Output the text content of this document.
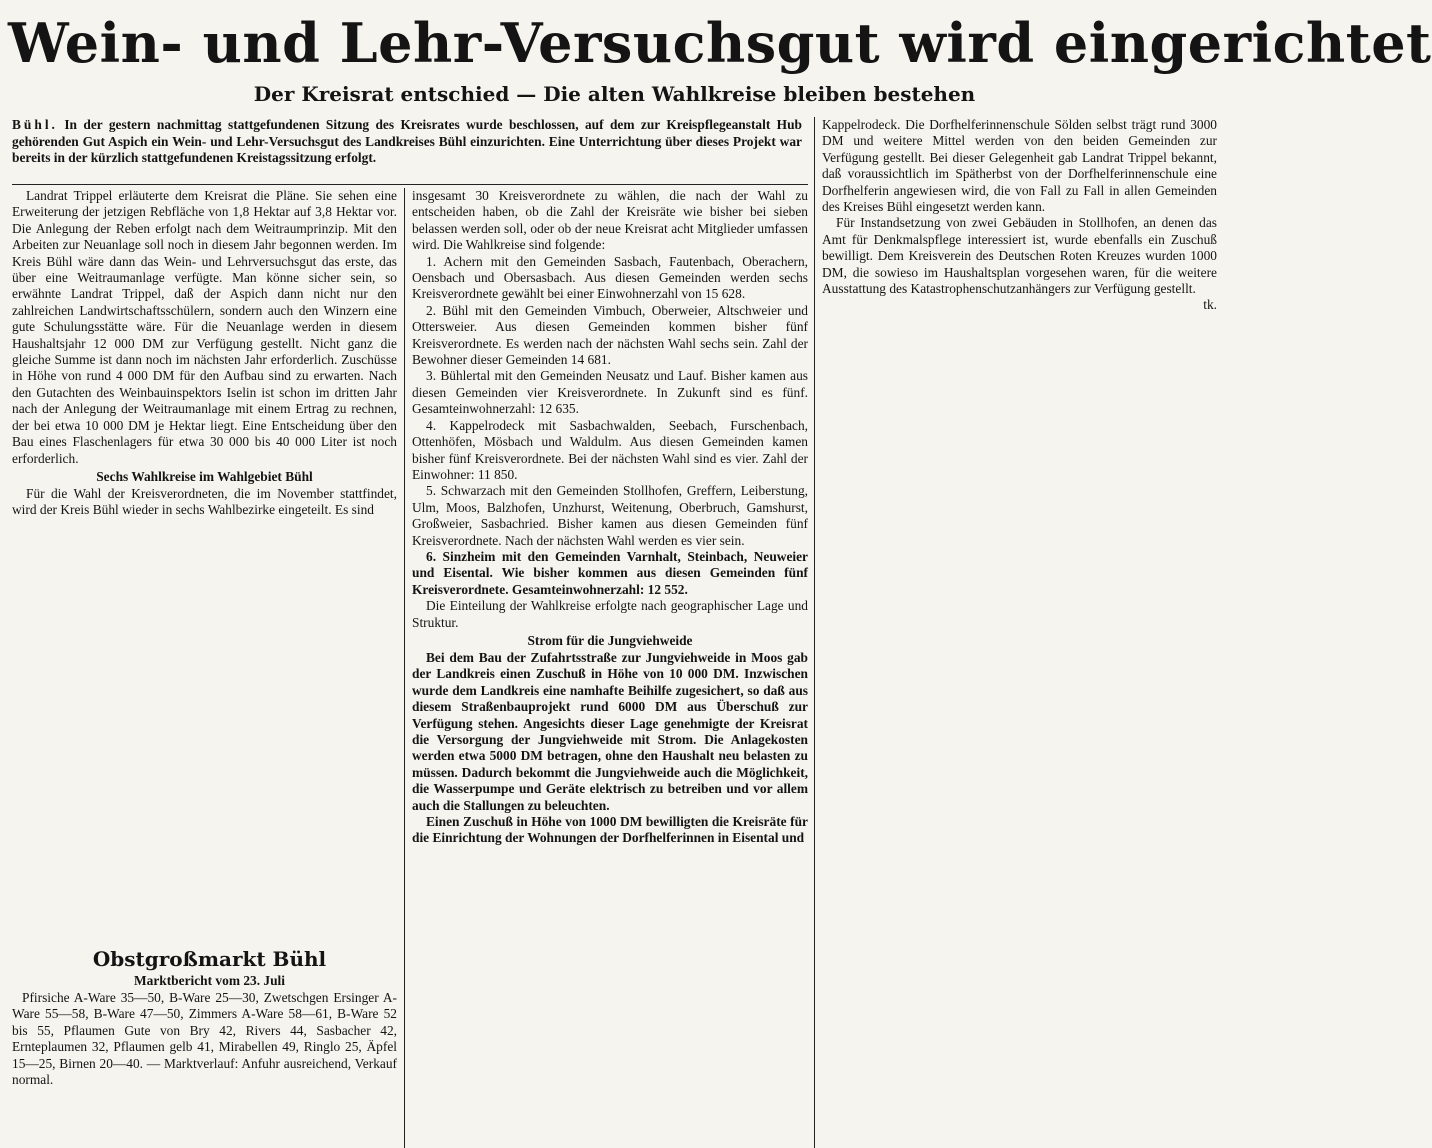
Wein- und Lehr-Versuchsgut wird eingerichtet
Der Kreisrat entschied — Die alten Wahlkreise bleiben bestehen
Bühl. In der gestern nachmittag stattgefundenen Sitzung des Kreisrates wurde beschlossen, auf dem zur Kreispflegeanstalt Hub gehörenden Gut Aspich ein Wein- und Lehr-Versuchsgut des Landkreises Bühl einzurichten. Eine Unterrichtung über dieses Projekt war bereits in der kürzlich stattgefundenen Kreistagssitzung erfolgt.

Landrat Trippel erläuterte dem Kreisrat die Pläne. Sie sehen eine Erweiterung der jetzigen Rebfläche von 1,8 Hektar auf 3,8 Hektar vor. Die Anlegung der Reben erfolgt nach dem Weitraumprinzip. Mit den Arbeiten zur Neuanlage soll noch in diesem Jahr begonnen werden. Im Kreis Bühl wäre dann das Wein- und Lehrversuchsgut das erste, das über eine Weitraumanlage verfügte. Man könne sicher sein, so erwähnte Landrat Trippel, daß der Aspich dann nicht nur den zahlreichen Landwirtschaftsschülern, sondern auch den Winzern eine gute Schulungsstätte wäre. Für die Neuanlage werden in diesem Haushaltsjahr 12 000 DM zur Verfügung gestellt. Nicht ganz die gleiche Summe ist dann noch im nächsten Jahr erforderlich. Zuschüsse in Höhe von rund 4 000 DM für den Aufbau sind zu erwarten. Nach den Gutachten des Weinbauinspektors Iselin ist schon im dritten Jahr nach der Anlegung der Weitraumanlage mit einem Ertrag zu rechnen, der bei etwa 10 000 DM je Hektar liegt. Eine Entscheidung über den Bau eines Flaschenlagers für etwa 30 000 bis 40 000 Liter ist noch erforderlich.

Sechs Wahlkreise im Wahlgebiet Bühl

Für die Wahl der Kreisverordneten, die im November stattfindet, wird der Kreis Bühl wieder in sechs Wahlbezirke eingeteilt. Es sind

Obstgroßmarkt Bühl

Marktbericht vom 23. Juli

Pfirsiche A-Ware 35—50, B-Ware 25—30, Zwetschgen Ersinger A-Ware 55—58, B-Ware 47—50, Zimmers A-Ware 58—61, B-Ware 52 bis 55, Pflaumen Gute von Bry 42, Rivers 44, Sasbacher 42, Ernteplaumen 32, Pflaumen gelb 41, Mirabellen 49, Ringlo 25, Äpfel 15—25, Birnen 20—40. — Marktverlauf: Anfuhr ausreichend, Verkauf normal.

insgesamt 30 Kreisverordnete zu wählen, die nach der Wahl zu entscheiden haben, ob die Zahl der Kreisräte wie bisher bei sieben belassen werden soll, oder ob der neue Kreisrat acht Mitglieder umfassen wird. Die Wahlkreise sind folgende:

1. Achern mit den Gemeinden Sasbach, Fautenbach, Oberachern, Oensbach und Obersasbach. Aus diesen Gemeinden werden sechs Kreisverordnete gewählt bei einer Einwohnerzahl von 15 628.

2. Bühl mit den Gemeinden Vimbuch, Oberweier, Altschweier und Ottersweier. Aus diesen Gemeinden kommen bisher fünf Kreisverordnete. Es werden nach der nächsten Wahl sechs sein. Zahl der Bewohner dieser Gemeinden 14 681.

3. Bühlertal mit den Gemeinden Neusatz und Lauf. Bisher kamen aus diesen Gemeinden vier Kreisverordnete. In Zukunft sind es fünf. Gesamteinwohnerzahl: 12 635.

4. Kappelrodeck mit Sasbachwalden, Seebach, Furschenbach, Ottenhöfen, Mösbach und Waldulm. Aus diesen Gemeinden kamen bisher fünf Kreisverordnete. Bei der nächsten Wahl sind es vier. Zahl der Einwohner: 11 850.

5. Schwarzach mit den Gemeinden Stollhofen, Greffern, Leiberstung, Ulm, Moos, Balzhofen, Unzhurst, Weitenung, Oberbruch, Gamshurst, Großweier, Sasbachried. Bisher kamen aus diesen Gemeinden fünf Kreisverordnete. Nach der nächsten Wahl werden es vier sein.

6. Sinzheim mit den Gemeinden Varnhalt, Steinbach, Neuweier und Eisental. Wie bisher kommen aus diesen Gemeinden fünf Kreisverordnete. Gesamteinwohnerzahl: 12 552.

Die Einteilung der Wahlkreise erfolgte nach geographischer Lage und Struktur.

Strom für die Jungviehweide

Bei dem Bau der Zufahrtsstraße zur Jungviehweide in Moos gab der Landkreis einen Zuschuß in Höhe von 10 000 DM. Inzwischen wurde dem Landkreis eine namhafte Beihilfe zugesichert, so daß aus diesem Straßenbauprojekt rund 6000 DM aus Überschuß zur Verfügung stehen. Angesichts dieser Lage genehmigte der Kreisrat die Versorgung der Jungviehweide mit Strom. Die Anlagekosten werden etwa 5000 DM betragen, ohne den Haushalt neu belasten zu müssen. Dadurch bekommt die Jungviehweide auch die Möglichkeit, die Wasserpumpe und Geräte elektrisch zu betreiben und vor allem auch die Stallungen zu beleuchten.

Einen Zuschuß in Höhe von 1000 DM bewilligten die Kreisräte für die Einrichtung der Wohnungen der Dorfhelferinnen in Eisental und

Kappelrodeck. Die Dorfhelferinnenschule Sölden selbst trägt rund 3000 DM und weitere Mittel werden von den beiden Gemeinden zur Verfügung gestellt. Bei dieser Gelegenheit gab Landrat Trippel bekannt, daß voraussichtlich im Spätherbst von der Dorfhelferinnenschule eine Dorfhelferin angewiesen wird, die von Fall zu Fall in allen Gemeinden des Kreises Bühl eingesetzt werden kann.

Für Instandsetzung von zwei Gebäuden in Stollhofen, an denen das Amt für Denkmalspflege interessiert ist, wurde ebenfalls ein Zuschuß bewilligt. Dem Kreisverein des Deutschen Roten Kreuzes wurden 1000 DM, die sowieso im Haushaltsplan vorgesehen waren, für die weitere Ausstattung des Katastrophenschutzanhängers zur Verfügung gestellt.
tk.
